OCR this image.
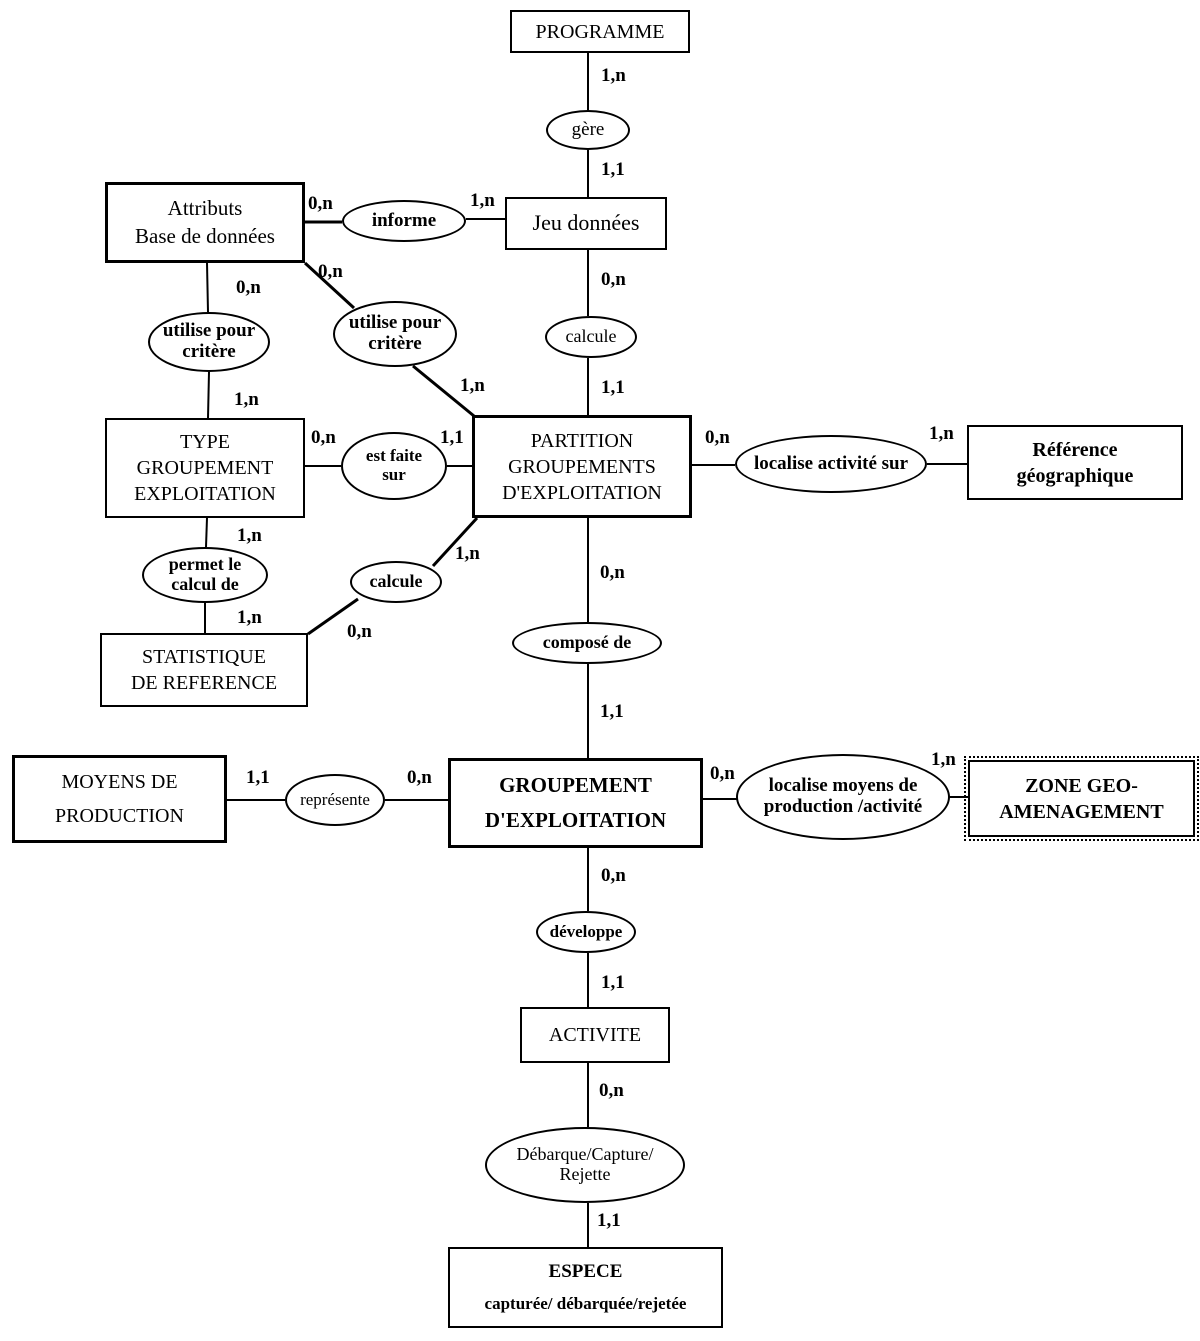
PROGRAMME
Attributs
Base de données
Jeu données
TYPE
GROUPEMENT
EXPLOITATION
PARTITION
GROUPEMENTS
D'EXPLOITATION
Référence
géographique
STATISTIQUE
DE REFERENCE
MOYENS DE
PRODUCTION
GROUPEMENT
D'EXPLOITATION
ZONE GEO-
AMENAGEMENT
ACTIVITE
ESPECE
capturée/ débarquée/rejetée
gère
informe
utilise pour
critère
utilise pour
critère	calcule
est faite
sur
localise activité sur
permet le
calcul de	calcule
composé de
représente
localise moyens de
production /activité
développe
Débarque/Capture/
Rejette
1,n
1,1
0,n	1,n
0,n
1,1
0,n
1,n
0,n
1,n
0,n	1,1	0,n	1,n
1,n
1,n
1,n
0,n
0,n
1,1
1,1	0,n	0,n
1,n
0,n
1,1
0,n
1,1
